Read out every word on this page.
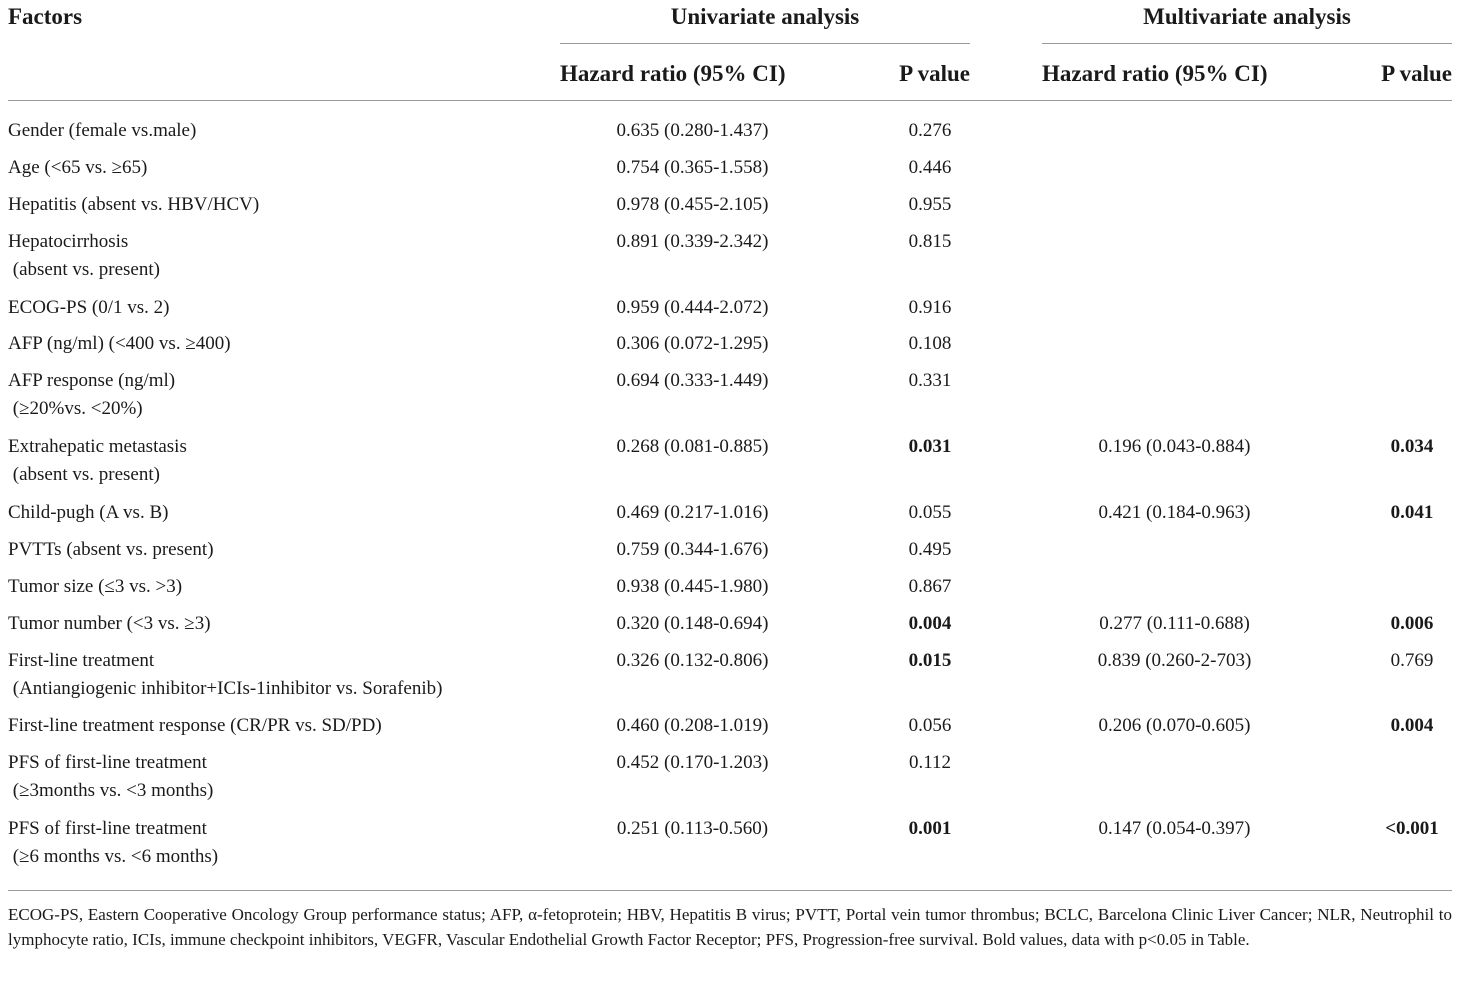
Factors	Univariate analysis	Multivariate analysis
Hazard ratio (95% CI)	P value	Hazard ratio (95% CI)	P value
Gender (female vs.male)	0.635 (0.280-1.437)	0.276
Age (<65 vs. ≥65)	0.754 (0.365-1.558)	0.446
Hepatitis (absent vs. HBV/HCV)	0.978 (0.455-2.105)	0.955
Hepatocirrhosis
(absent vs. present)
0.891 (0.339-2.342)	0.815
ECOG-PS (0/1 vs. 2)	0.959 (0.444-2.072)	0.916
AFP (ng/ml) (<400 vs. ≥400)	0.306 (0.072-1.295)	0.108
AFP response (ng/ml)
(≥20%vs. <20%)
0.694 (0.333-1.449)	0.331
Extrahepatic metastasis
(absent vs. present)
0.268 (0.081-0.885)	0.031	0.196 (0.043-0.884)	0.034
Child-pugh (A vs. B)	0.469 (0.217-1.016)	0.055	0.421 (0.184-0.963)	0.041
PVTTs (absent vs. present)	0.759 (0.344-1.676)	0.495
Tumor size (≤3 vs. >3)	0.938 (0.445-1.980)	0.867
Tumor number (<3 vs. ≥3)	0.320 (0.148-0.694)	0.004	0.277 (0.111-0.688)	0.006
First-line treatment
(Antiangiogenic inhibitor+ICIs-1inhibitor vs. Sorafenib)
0.326 (0.132-0.806)	0.015	0.839 (0.260-2-703)	0.769
First-line treatment response (CR/PR vs. SD/PD)	0.460 (0.208-1.019)	0.056	0.206 (0.070-0.605)	0.004
PFS of first-line treatment
(≥3months vs. <3 months)
0.452 (0.170-1.203)	0.112
PFS of first-line treatment
(≥6 months vs. <6 months)
0.251 (0.113-0.560)	0.001	0.147 (0.054-0.397)	<0.001
ECOG-PS, Eastern Cooperative Oncology Group performance status; AFP, α-fetoprotein; HBV, Hepatitis B virus; PVTT, Portal vein tumor thrombus; BCLC, Barcelona Clinic Liver Cancer; NLR, Neutrophil to lymphocyte ratio, ICIs, immune checkpoint inhibitors, VEGFR, Vascular Endothelial Growth Factor Receptor; PFS, Progression-free survival. Bold values, data with p<0.05 in Table.
